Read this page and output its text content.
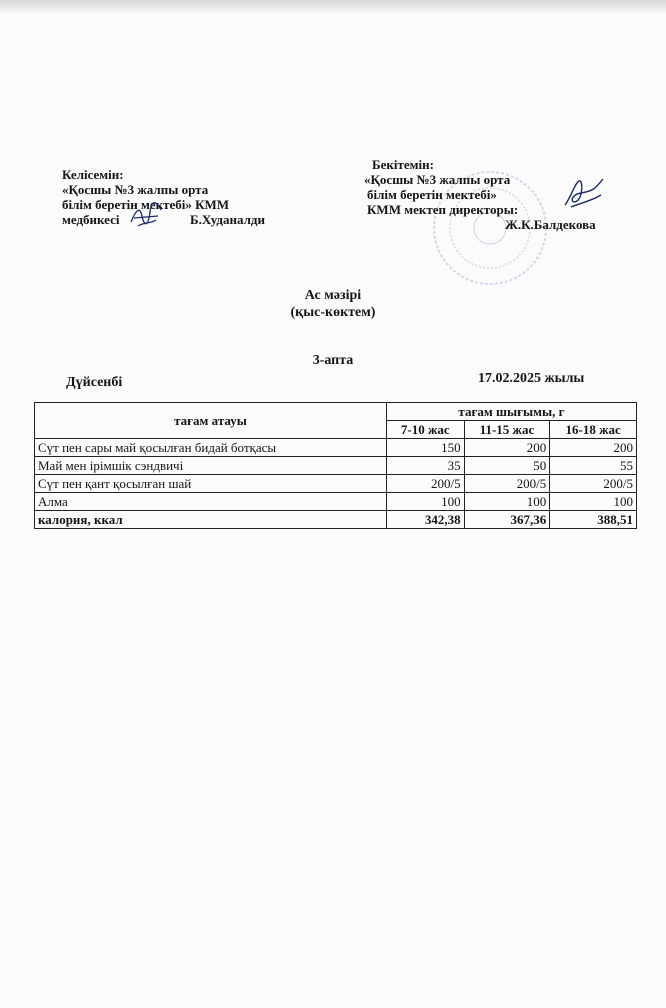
Келісемін:
«Қосшы №3 жалпы орта
білім беретін мектебі» КММ
медбикесі	Б.Худаналди
Бекітемін:
«Қосшы №3 жалпы орта
білім беретін мектебі»
КММ мектеп директоры:
Ж.К.Балдекова
Ас мәзірі
(қыс-көктем)
3-апта
Дүйсенбі	17.02.2025 жылы
тағам атауы	тағам шығымы, г		
	7-10 жас	11-15 жас	16-18 жас
Сүт пен сары май қосылған бидай ботқасы	150	200	200
Май мен ірімшік сэндвичі	35	50	55
Сүт пен қант қосылған шай	200/5	200/5	200/5
Алма	100	100	100
калория, ккал	342,38	367,36	388,51
